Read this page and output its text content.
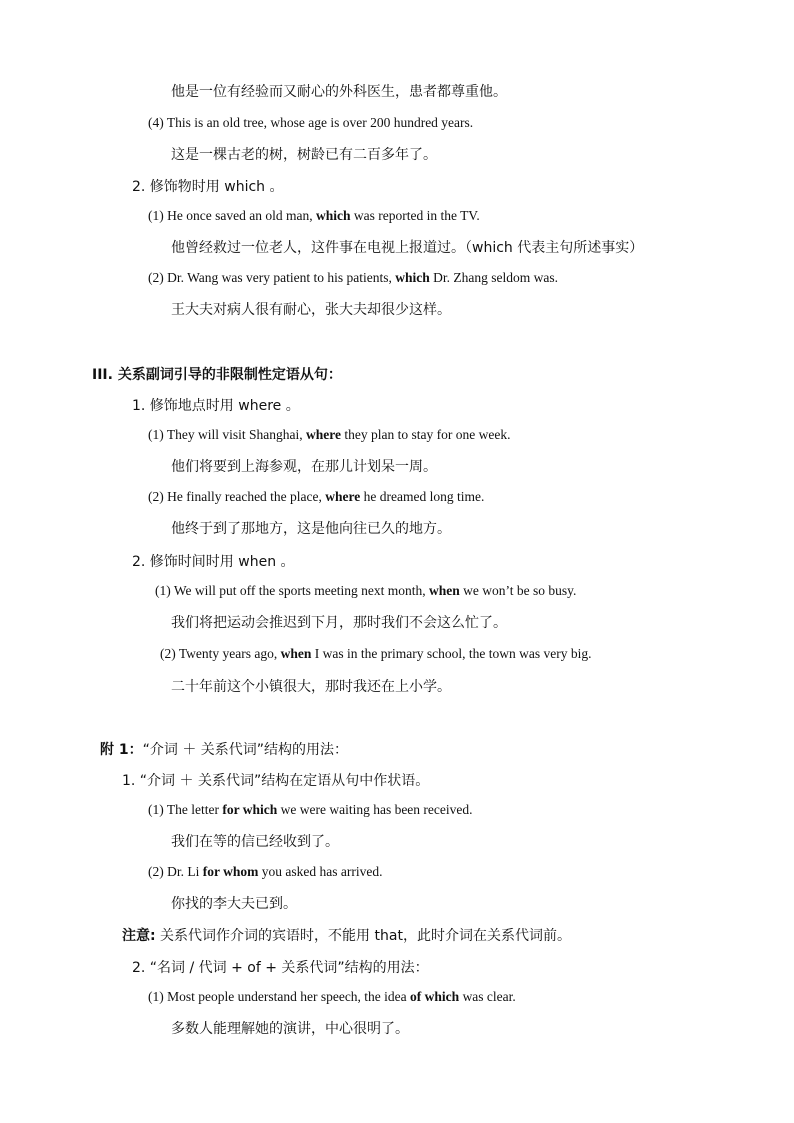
他是一位有经验而又耐心的外科医生，患者都尊重他。
(4) This is an old tree, whose age is over 200 hundred years.
这是一棵古老的树，树龄已有二百多年了。
2. 修饰物时用 which 。
(1) He once saved an old man, which was reported in the TV.
他曾经救过一位老人，这件事在电视上报道过。（which 代表主句所述事实）
(2) Dr. Wang was very patient to his patients, which Dr. Zhang seldom was.
王大夫对病人很有耐心，张大夫却很少这样。
III. 关系副词引导的非限制性定语从句：
1. 修饰地点时用 where 。
(1) They will visit Shanghai, where they plan to stay for one week.
他们将要到上海参观，在那儿计划呆一周。
(2) He finally reached the place, where he dreamed long time.
他终于到了那地方，这是他向往已久的地方。
2. 修饰时间时用 when 。
(1) We will put off the sports meeting next month, when we won’t be so busy.
我们将把运动会推迟到下月，那时我们不会这么忙了。
(2) Twenty years ago, when I was in the primary school, the town was very big.
二十年前这个小镇很大，那时我还在上小学。
附 1：“介词 ＋ 关系代词”结构的用法：
1. “介词 ＋ 关系代词”结构在定语从句中作状语。
(1) The letter for which we were waiting has been received.
我们在等的信已经收到了。
(2) Dr. Li for whom you asked has arrived.
你找的李大夫已到。
注意: 关系代词作介词的宾语时，不能用 that，此时介词在关系代词前。
2. “名词 / 代词 + of + 关系代词”结构的用法：
(1) Most people understand her speech, the idea of which was clear.
多数人能理解她的演讲，中心很明了。
